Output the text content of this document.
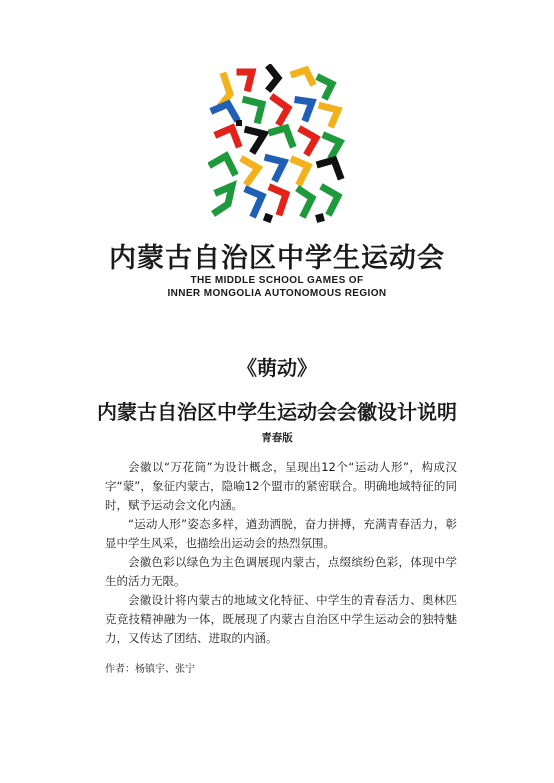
内蒙古自治区中学生运动会
THE MIDDLE SCHOOL GAMES OF
INNER MONGOLIA AUTONOMOUS REGION
《萌动》
内蒙古自治区中学生运动会会徽设计说明
青春版

会徽以“万花筒”为设计概念，呈现出12个“运动人形”，构成汉字“蒙”，象征内蒙古，隐喻12个盟市的紧密联合。明确地域特征的同时，赋予运动会文化内涵。

“运动人形”姿态多样，遒劲洒脱，奋力拼搏，充满青春活力，彰显中学生风采，也描绘出运动会的热烈氛围。

会徽色彩以绿色为主色调展现内蒙古，点缀缤纷色彩，体现中学生的活力无限。

会徽设计将内蒙古的地域文化特征、中学生的青春活力、奥林匹克竞技精神融为一体，既展现了内蒙古自治区中学生运动会的独特魅力，又传达了团结、进取的内涵。

作者：杨镇宇、张宁
